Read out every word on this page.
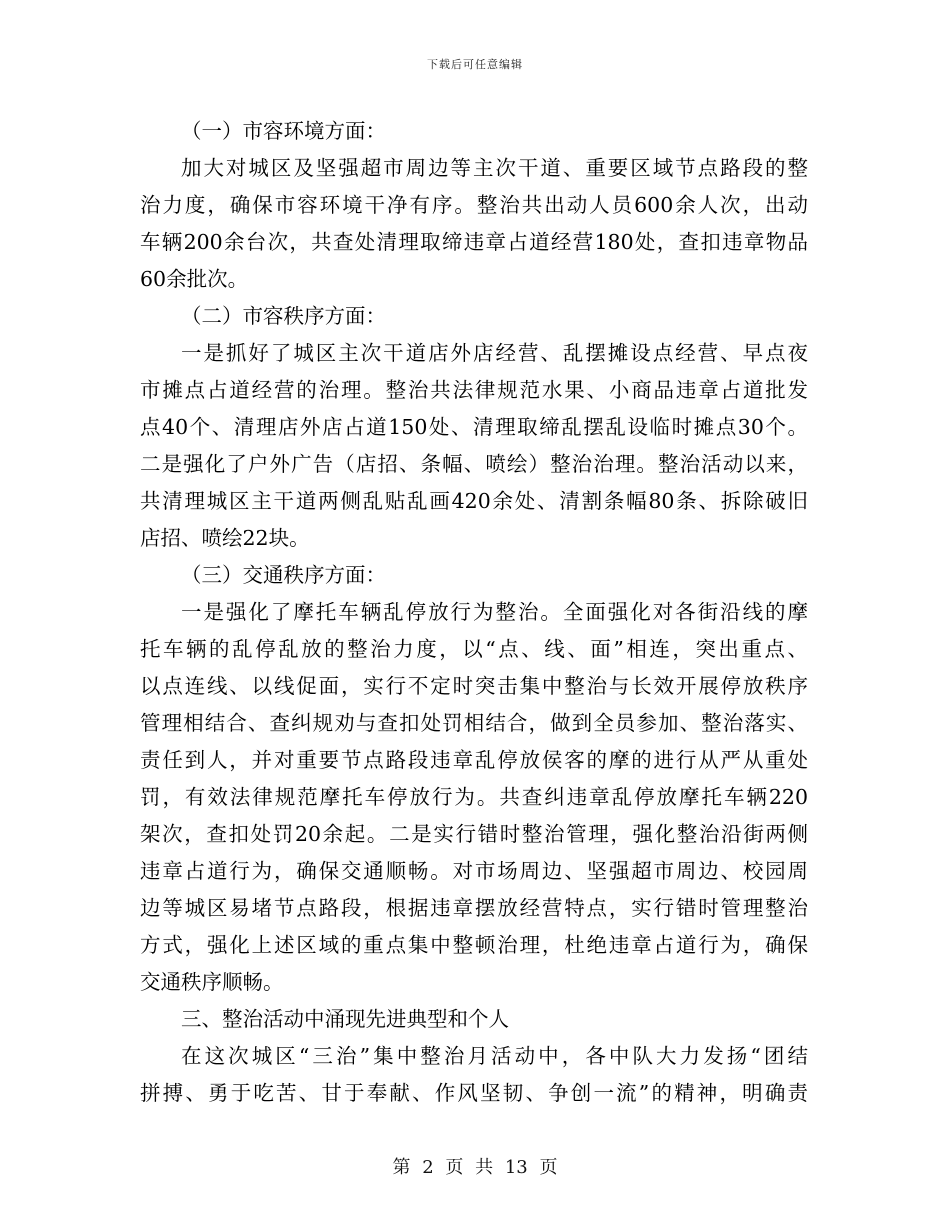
下载后可任意编辑
（一）市容环境方面：
加大对城区及坚强超市周边等主次干道、重要区域节点路段的整
治力度，确保市容环境干净有序。整治共出动人员600余人次，出动
车辆200余台次，共查处清理取缔违章占道经营180处，查扣违章物品
60余批次。
（二）市容秩序方面：
一是抓好了城区主次干道店外店经营、乱摆摊设点经营、早点夜
市摊点占道经营的治理。整治共法律规范水果、小商品违章占道批发
点40个、清理店外店占道150处、清理取缔乱摆乱设临时摊点30个。
二是强化了户外广告（店招、条幅、喷绘）整治治理。整治活动以来，
共清理城区主干道两侧乱贴乱画420余处、清割条幅80条、拆除破旧
店招、喷绘22块。
（三）交通秩序方面：
一是强化了摩托车辆乱停放行为整治。全面强化对各街沿线的摩
托车辆的乱停乱放的整治力度，以“点、线、面”相连，突出重点、
以点连线、以线促面，实行不定时突击集中整治与长效开展停放秩序
管理相结合、查纠规劝与查扣处罚相结合，做到全员参加、整治落实、
责任到人，并对重要节点路段违章乱停放侯客的摩的进行从严从重处
罚，有效法律规范摩托车停放行为。共查纠违章乱停放摩托车辆220
架次，查扣处罚20余起。二是实行错时整治管理，强化整治沿街两侧
违章占道行为，确保交通顺畅。对市场周边、坚强超市周边、校园周
边等城区易堵节点路段，根据违章摆放经营特点，实行错时管理整治
方式，强化上述区域的重点集中整顿治理，杜绝违章占道行为，确保
交通秩序顺畅。
三、整治活动中涌现先进典型和个人
在这次城区“三治”集中整治月活动中，各中队大力发扬“团结
拼搏、勇于吃苦、甘于奉献、作风坚韧、争创一流”的精神，明确责
第 2 页 共 13 页
